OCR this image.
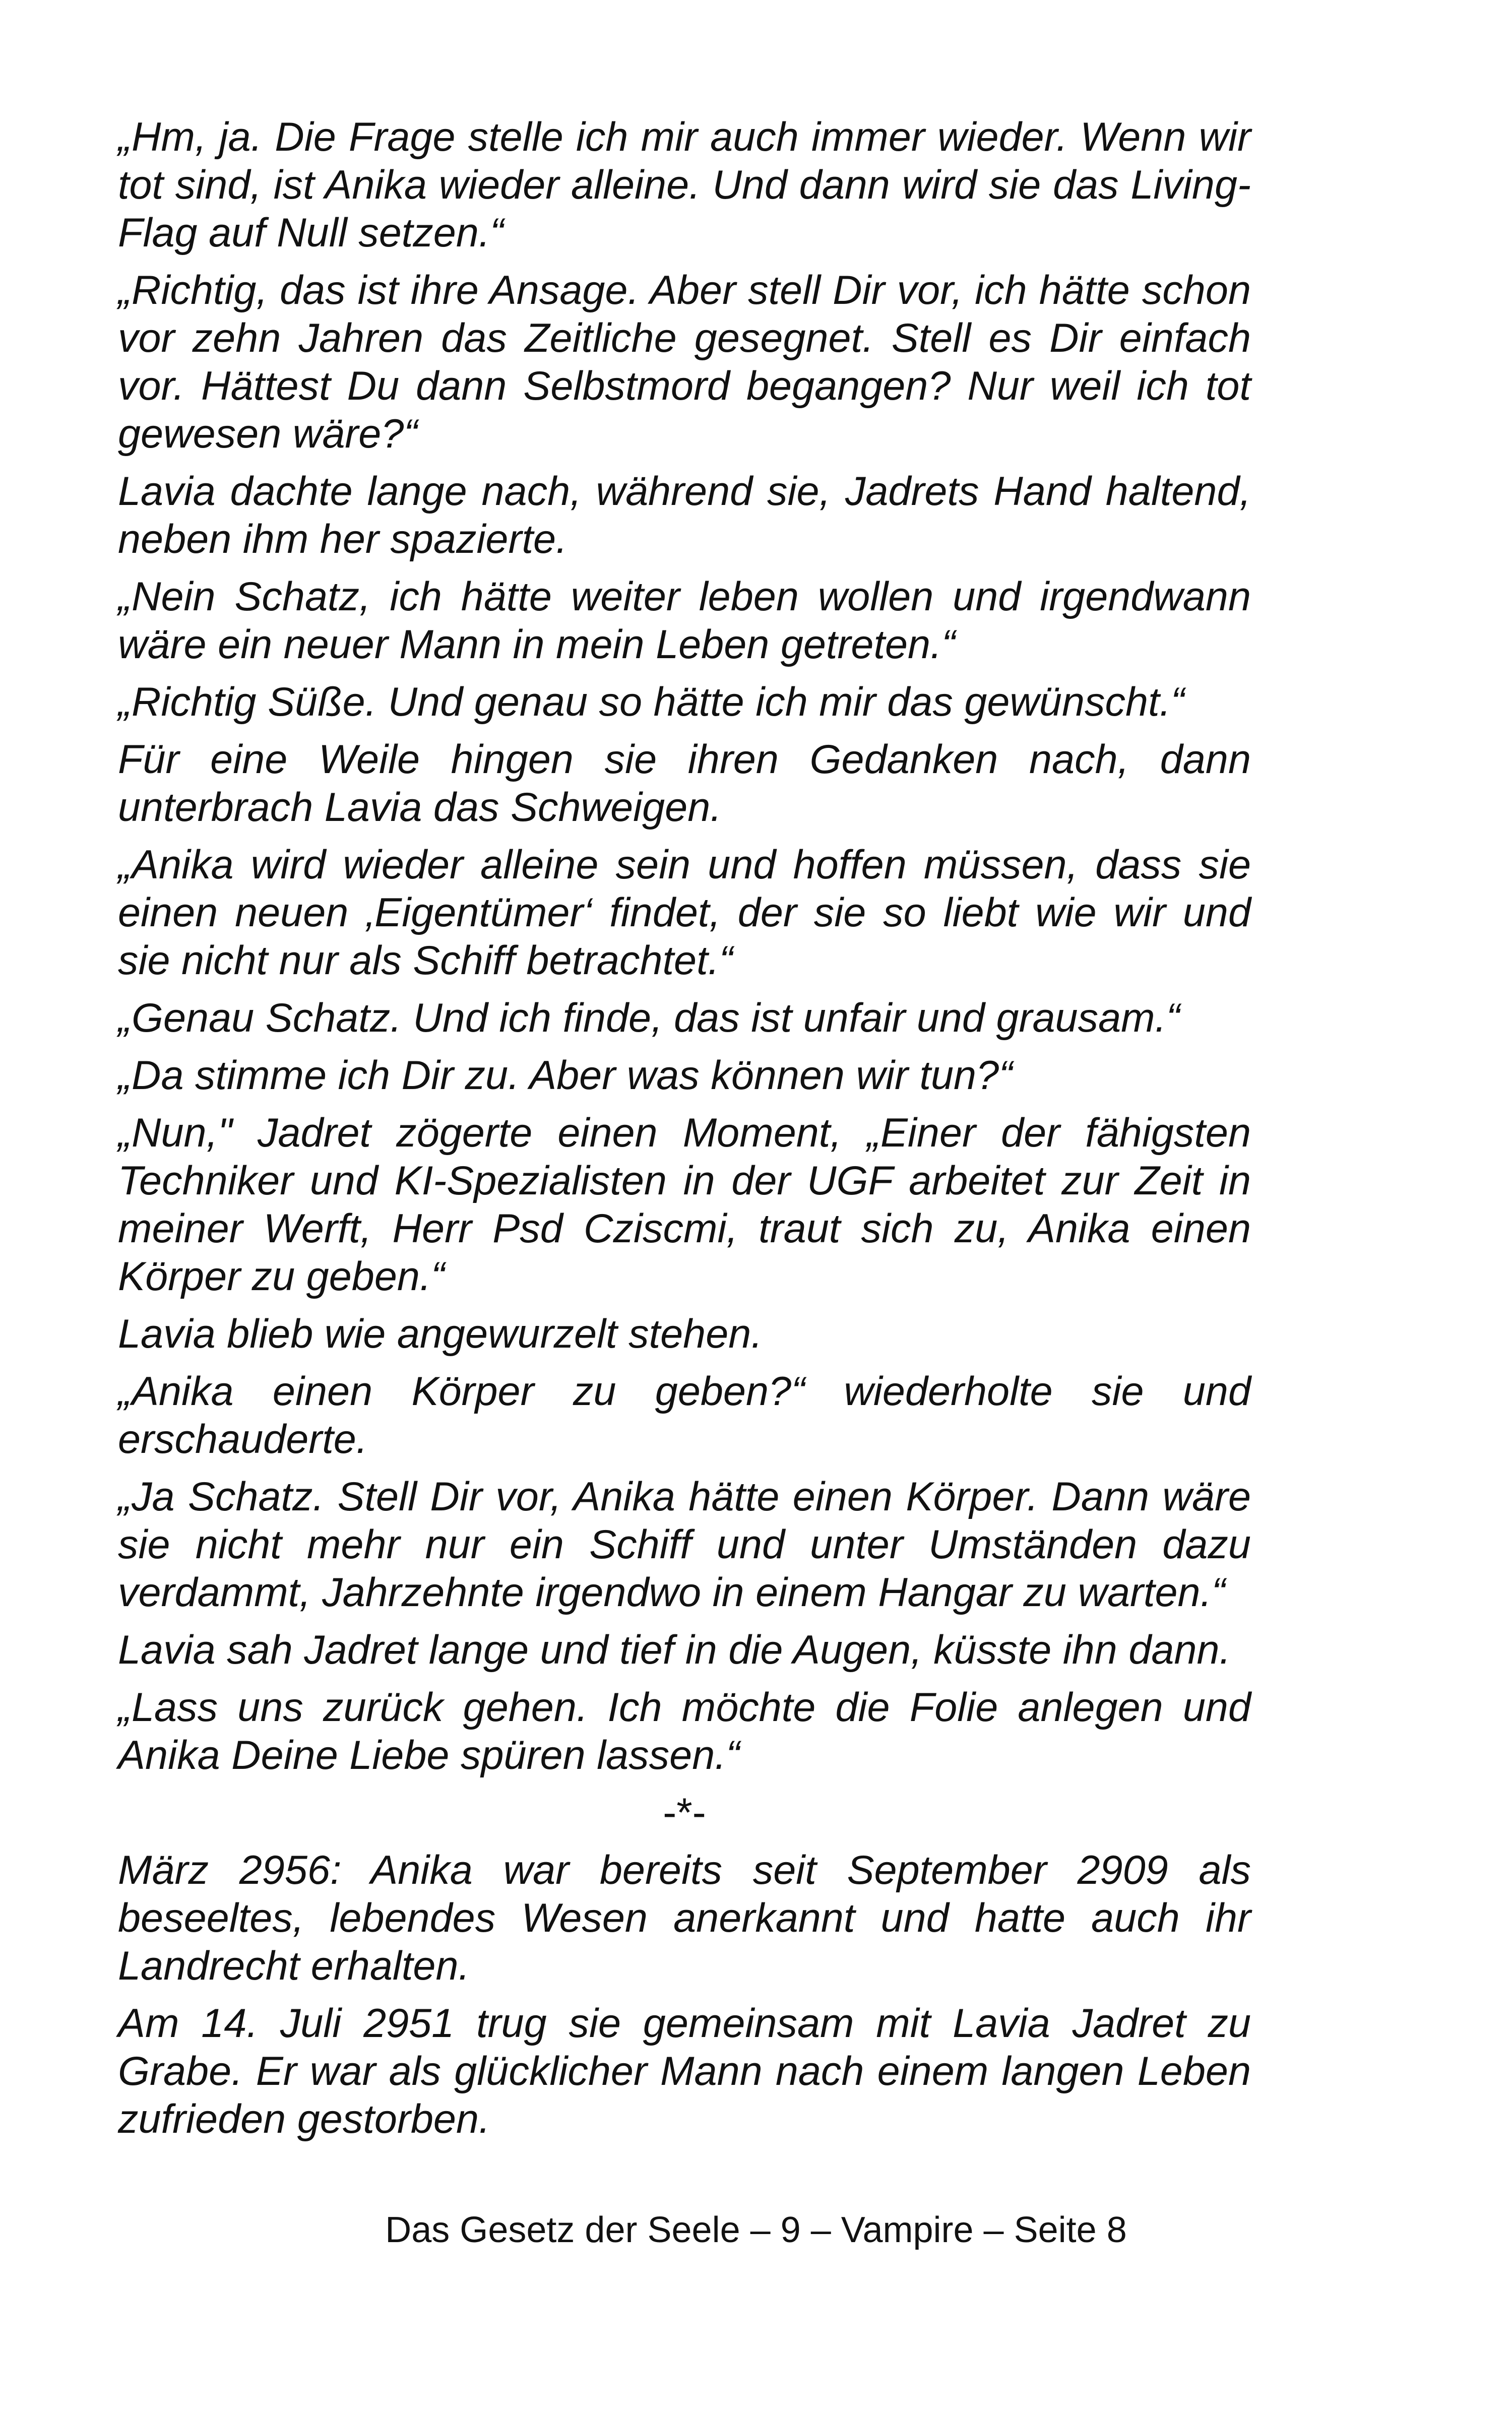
„Hm, ja. Die Frage stelle ich mir auch immer wieder. Wenn wir tot sind, ist Anika wieder alleine. Und dann wird sie das Living-Flag auf Null setzen.“

„Richtig, das ist ihre Ansage. Aber stell Dir vor, ich hätte schon vor zehn Jahren das Zeitliche gesegnet. Stell es Dir einfach vor. Hättest Du dann Selbstmord begangen? Nur weil ich tot gewesen wäre?“

Lavia dachte lange nach, während sie, Jadrets Hand haltend, neben ihm her spazierte.

„Nein Schatz, ich hätte weiter leben wollen und irgendwann wäre ein neuer Mann in mein Leben getreten.“

„Richtig Süße. Und genau so hätte ich mir das gewünscht.“

Für eine Weile hingen sie ihren Gedanken nach, dann unterbrach Lavia das Schweigen.

„Anika wird wieder alleine sein und hoffen müssen, dass sie einen neuen ‚Eigentümer‘ findet, der sie so liebt wie wir und sie nicht nur als Schiff betrachtet.“

„Genau Schatz. Und ich finde, das ist unfair und grausam.“

„Da stimme ich Dir zu. Aber was können wir tun?“

„Nun," Jadret zögerte einen Moment, „Einer der fähigsten Techniker und KI-Spezialisten in der UGF arbeitet zur Zeit in meiner Werft, Herr Psd Cziscmi, traut sich zu, Anika einen Körper zu geben.“

Lavia blieb wie angewurzelt stehen.

„Anika einen Körper zu geben?“ wiederholte sie und erschauderte.

„Ja Schatz. Stell Dir vor, Anika hätte einen Körper. Dann wäre sie nicht mehr nur ein Schiff und unter Umständen dazu verdammt, Jahrzehnte irgendwo in einem Hangar zu warten.“

Lavia sah Jadret lange und tief in die Augen, küsste ihn dann.

„Lass uns zurück gehen. Ich möchte die Folie anlegen und Anika Deine Liebe spüren lassen.“

-*-

März 2956: Anika war bereits seit September 2909 als beseeltes, lebendes Wesen anerkannt und hatte auch ihr Landrecht erhalten.

Am 14. Juli 2951 trug sie gemeinsam mit Lavia Jadret zu Grabe. Er war als glücklicher Mann nach einem langen Leben zufrieden gestorben.

Das Gesetz der Seele – 9 – Vampire – Seite 8
